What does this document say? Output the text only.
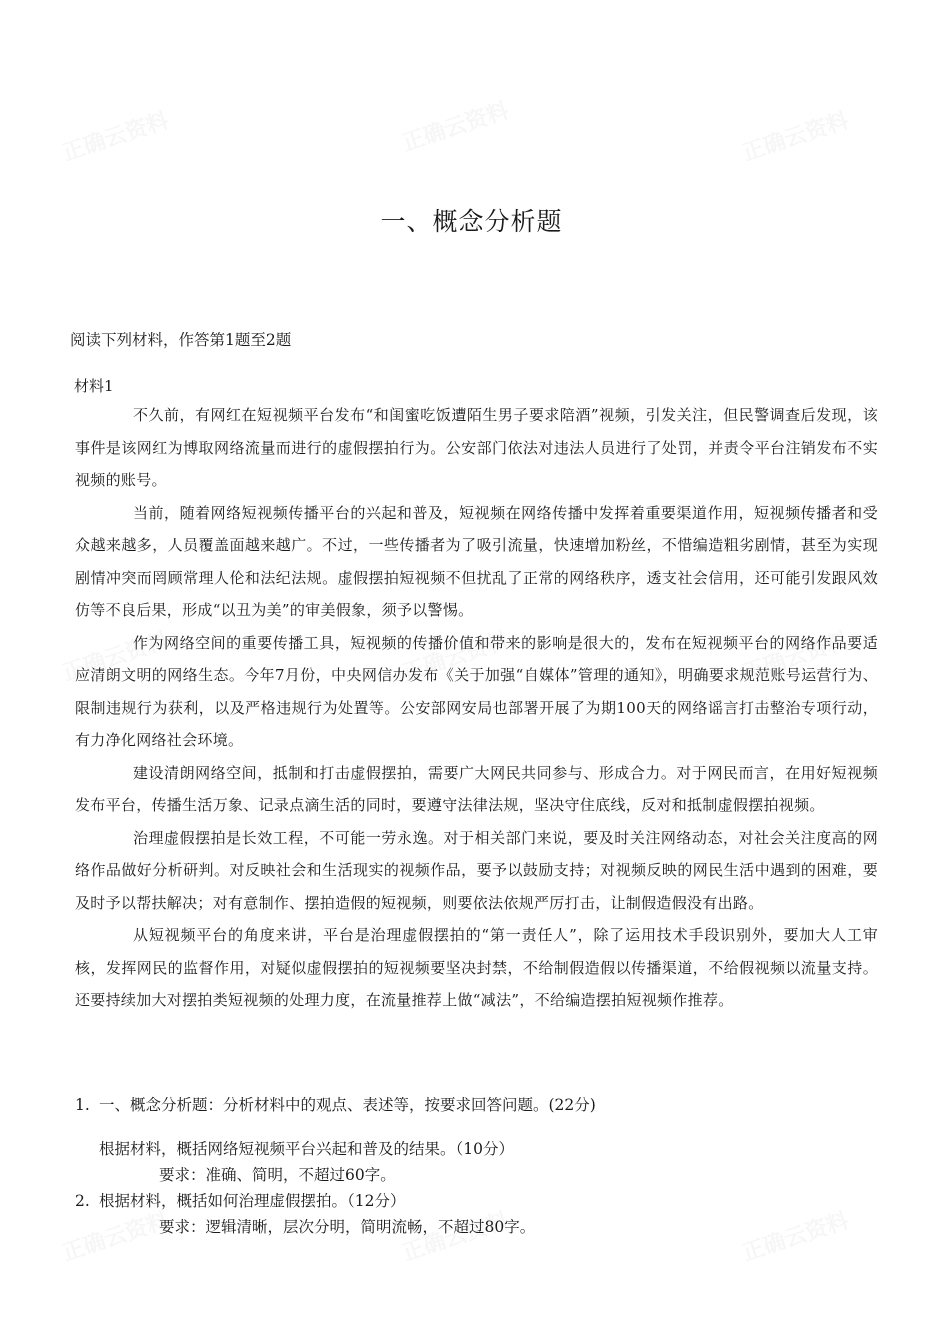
一、概念分析题
阅读下列材料，作答第1题至2题
材料1

不久前，有网红在短视频平台发布“和闺蜜吃饭遭陌生男子要求陪酒”视频，引发关注，但民警调查后发现，该事件是该网红为博取网络流量而进行的虚假摆拍行为。公安部门依法对违法人员进行了处罚，并责令平台注销发布不实视频的账号。

当前，随着网络短视频传播平台的兴起和普及，短视频在网络传播中发挥着重要渠道作用，短视频传播者和受众越来越多，人员覆盖面越来越广。不过，一些传播者为了吸引流量，快速增加粉丝，不惜编造粗劣剧情，甚至为实现剧情冲突而罔顾常理人伦和法纪法规。虚假摆拍短视频不但扰乱了正常的网络秩序，透支社会信用，还可能引发跟风效仿等不良后果，形成“以丑为美”的审美假象，须予以警惕。

作为网络空间的重要传播工具，短视频的传播价值和带来的影响是很大的，发布在短视频平台的网络作品要适应清朗文明的网络生态。今年7月份，中央网信办发布《关于加强“自媒体”管理的通知》，明确要求规范账号运营行为、限制违规行为获利，以及严格违规行为处置等。公安部网安局也部署开展了为期100天的网络谣言打击整治专项行动，有力净化网络社会环境。

建设清朗网络空间，抵制和打击虚假摆拍，需要广大网民共同参与、形成合力。对于网民而言，在用好短视频发布平台，传播生活万象、记录点滴生活的同时，要遵守法律法规，坚决守住底线，反对和抵制虚假摆拍视频。

治理虚假摆拍是长效工程，不可能一劳永逸。对于相关部门来说，要及时关注网络动态，对社会关注度高的网络作品做好分析研判。对反映社会和生活现实的视频作品，要予以鼓励支持；对视频反映的网民生活中遇到的困难，要及时予以帮扶解决；对有意制作、摆拍造假的短视频，则要依法依规严厉打击，让制假造假没有出路。

从短视频平台的角度来讲，平台是治理虚假摆拍的“第一责任人”，除了运用技术手段识别外，要加大人工审核，发挥网民的监督作用，对疑似虚假摆拍的短视频要坚决封禁，不给制假造假以传播渠道，不给假视频以流量支持。还要持续加大对摆拍类短视频的处理力度，在流量推荐上做“减法”，不给编造摆拍短视频作推荐。

1. 一、概念分析题：分析材料中的观点、表述等，按要求回答问题。(22分)
根据材料，概括网络短视频平台兴起和普及的结果。（10分）
要求：准确、简明，不超过60字。
2. 根据材料，概括如何治理虚假摆拍。（12分）
要求：逻辑清晰，层次分明，简明流畅，不超过80字。
